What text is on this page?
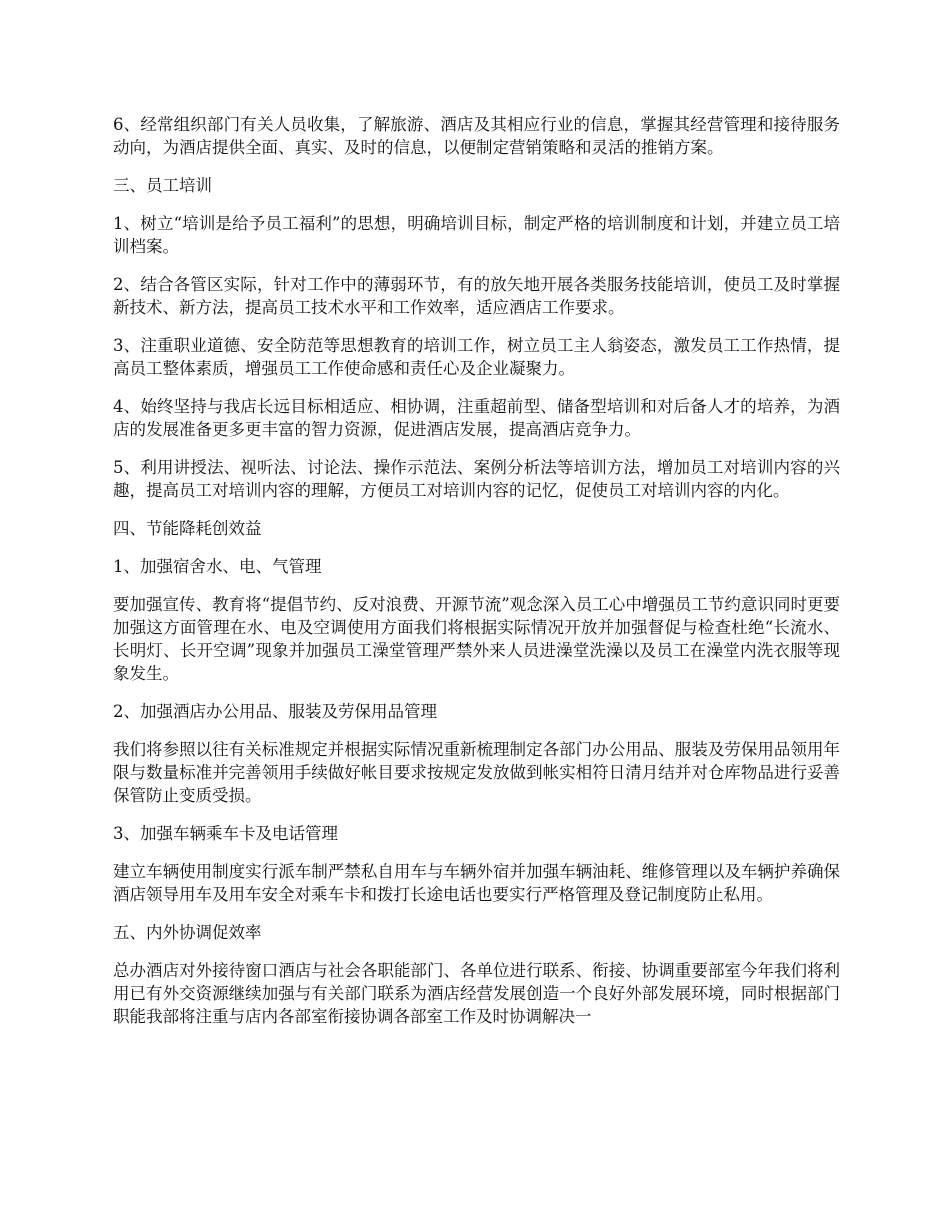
6、经常组织部门有关人员收集，了解旅游、酒店及其相应行业的信息，掌握其经营管理和接待服务动向，为酒店提供全面、真实、及时的信息，以便制定营销策略和灵活的推销方案。

三、员工培训

1、树立“培训是给予员工福利”的思想，明确培训目标，制定严格的培训制度和计划，并建立员工培训档案。

2、结合各管区实际，针对工作中的薄弱环节，有的放矢地开展各类服务技能培训，使员工及时掌握新技术、新方法，提高员工技术水平和工作效率，适应酒店工作要求。

3、注重职业道德、安全防范等思想教育的培训工作，树立员工主人翁姿态，激发员工工作热情，提高员工整体素质，增强员工工作使命感和责任心及企业凝聚力。

4、始终坚持与我店长远目标相适应、相协调，注重超前型、储备型培训和对后备人才的培养，为酒店的发展准备更多更丰富的智力资源，促进酒店发展，提高酒店竞争力。

5、利用讲授法、视听法、讨论法、操作示范法、案例分析法等培训方法，增加员工对培训内容的兴趣，提高员工对培训内容的理解，方便员工对培训内容的记忆，促使员工对培训内容的内化。

四、节能降耗创效益

1、加强宿舍水、电、气管理

要加强宣传、教育将“提倡节约、反对浪费、开源节流”观念深入员工心中增强员工节约意识同时更要加强这方面管理在水、电及空调使用方面我们将根据实际情况开放并加强督促与检查杜绝“长流水、长明灯、长开空调”现象并加强员工澡堂管理严禁外来人员进澡堂洗澡以及员工在澡堂内洗衣服等现象发生。

2、加强酒店办公用品、服装及劳保用品管理

我们将参照以往有关标准规定并根据实际情况重新梳理制定各部门办公用品、服装及劳保用品领用年限与数量标准并完善领用手续做好帐目要求按规定发放做到帐实相符日清月结并对仓库物品进行妥善保管防止变质受损。

3、加强车辆乘车卡及电话管理

建立车辆使用制度实行派车制严禁私自用车与车辆外宿并加强车辆油耗、维修管理以及车辆护养确保酒店领导用车及用车安全对乘车卡和拨打长途电话也要实行严格管理及登记制度防止私用。

五、内外协调促效率

总办酒店对外接待窗口酒店与社会各职能部门、各单位进行联系、衔接、协调重要部室今年我们将利用已有外交资源继续加强与有关部门联系为酒店经营发展创造一个良好外部发展环境，同时根据部门职能我部将注重与店内各部室衔接协调各部室工作及时协调解决一
